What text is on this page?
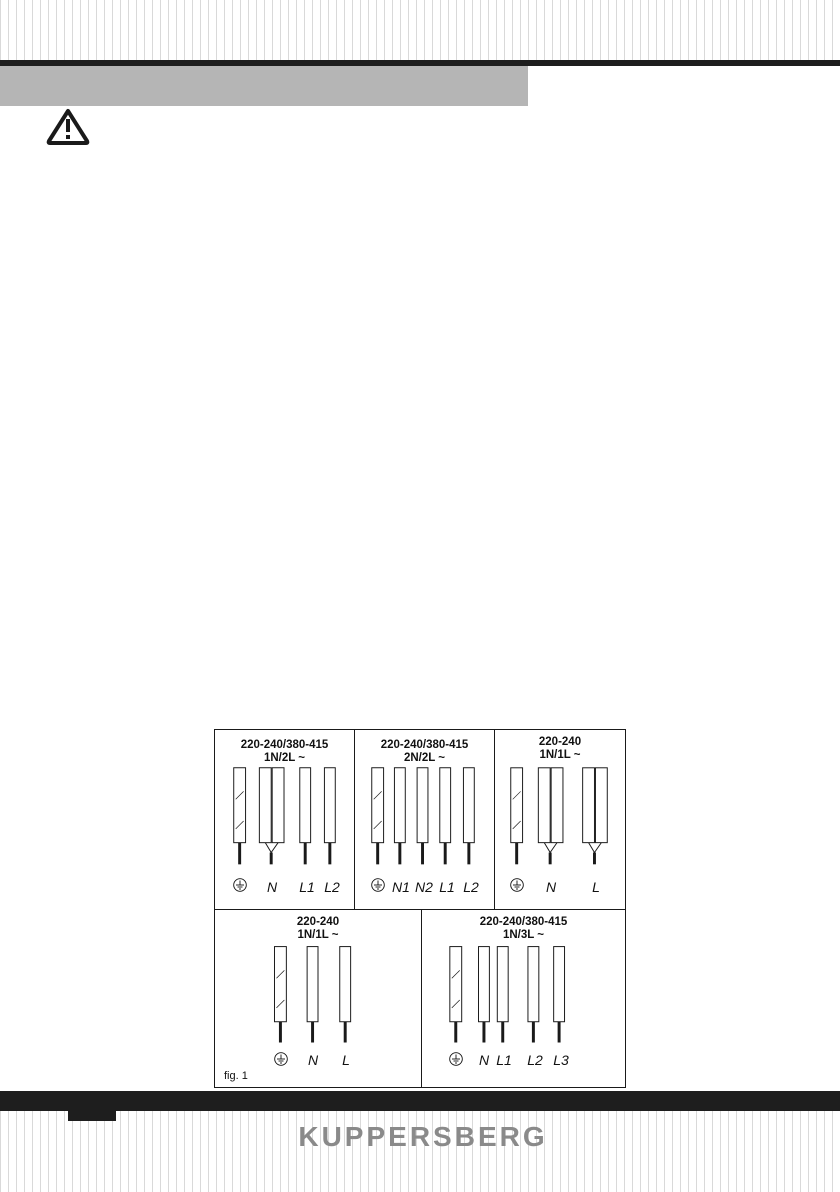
220-240/380-415
1N/2L ~
N L1 L2
220-240/380-415
2N/2L ~
N1 N2 L1 L2
220-240
1N/1L ~
N	L
220-240
1N/1L ~
N L
fig. 1
220-240/380-415
1N/3L ~
N L1 L2 L3
KUPPERSBERG
